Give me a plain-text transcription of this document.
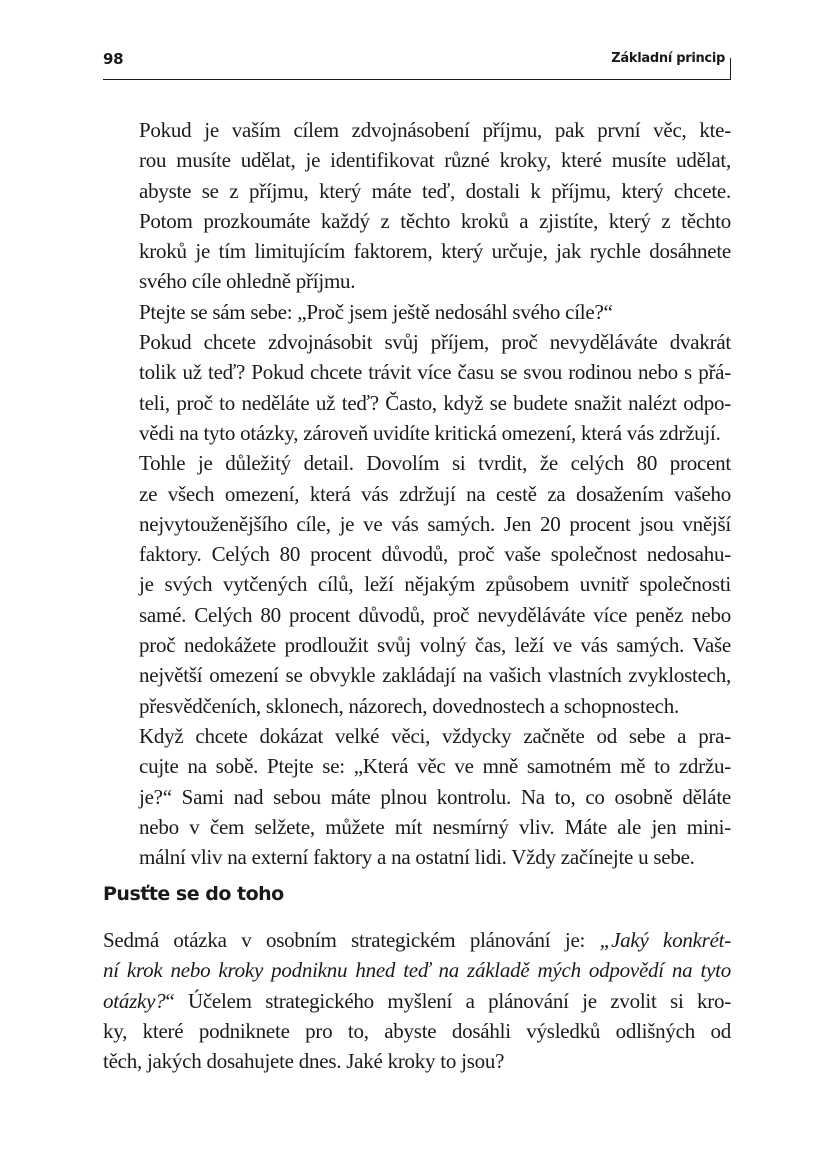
98	Základní princip

Pokud je vaším cílem zdvojnásobení příjmu, pak první věc, kte-
rou musíte udělat, je identifikovat různé kroky, které musíte udělat,
abyste se z příjmu, který máte teď, dostali k příjmu, který chcete.
Potom prozkoumáte každý z těchto kroků a zjistíte, který z těchto
kroků je tím limitujícím faktorem, který určuje, jak rychle dosáhnete
svého cíle ohledně příjmu.

Ptejte se sám sebe: „Proč jsem ještě nedosáhl svého cíle?“

Pokud chcete zdvojnásobit svůj příjem, proč nevyděláváte dvakrát
tolik už teď? Pokud chcete trávit více času se svou rodinou nebo s přá-
teli, proč to neděláte už teď? Často, když se budete snažit nalézt odpo-
vědi na tyto otázky, zároveň uvidíte kritická omezení, která vás zdržují.

Tohle je důležitý detail. Dovolím si tvrdit, že celých 80 procent
ze všech omezení, která vás zdržují na cestě za dosažením vašeho
nejvytouženějšího cíle, je ve vás samých. Jen 20 procent jsou vnější
faktory. Celých 80 procent důvodů, proč vaše společnost nedosahu-
je svých vytčených cílů, leží nějakým způsobem uvnitř společnosti
samé. Celých 80 procent důvodů, proč nevyděláváte více peněz nebo
proč nedokážete prodloužit svůj volný čas, leží ve vás samých. Vaše
největší omezení se obvykle zakládají na vašich vlastních zvyklostech,
přesvědčeních, sklonech, názorech, dovednostech a schopnostech.

Když chcete dokázat velké věci, vždycky začněte od sebe a pra-
cujte na sobě. Ptejte se: „Která věc ve mně samotném mě to zdržu-
je?“ Sami nad sebou máte plnou kontrolu. Na to, co osobně děláte
nebo v čem selžete, můžete mít nesmírný vliv. Máte ale jen mini-
mální vliv na externí faktory a na ostatní lidi. Vždy začínejte u sebe.

Pusťte se do toho

Sedmá otázka v osobním strategickém plánování je: „Jaký konkrét-
ní krok nebo kroky podniknu hned teď na základě mých odpovědí na tyto
otázky?“ Účelem strategického myšlení a plánování je zvolit si kro-
ky, které podniknete pro to, abyste dosáhli výsledků odlišných od
těch, jakých dosahujete dnes. Jaké kroky to jsou?
